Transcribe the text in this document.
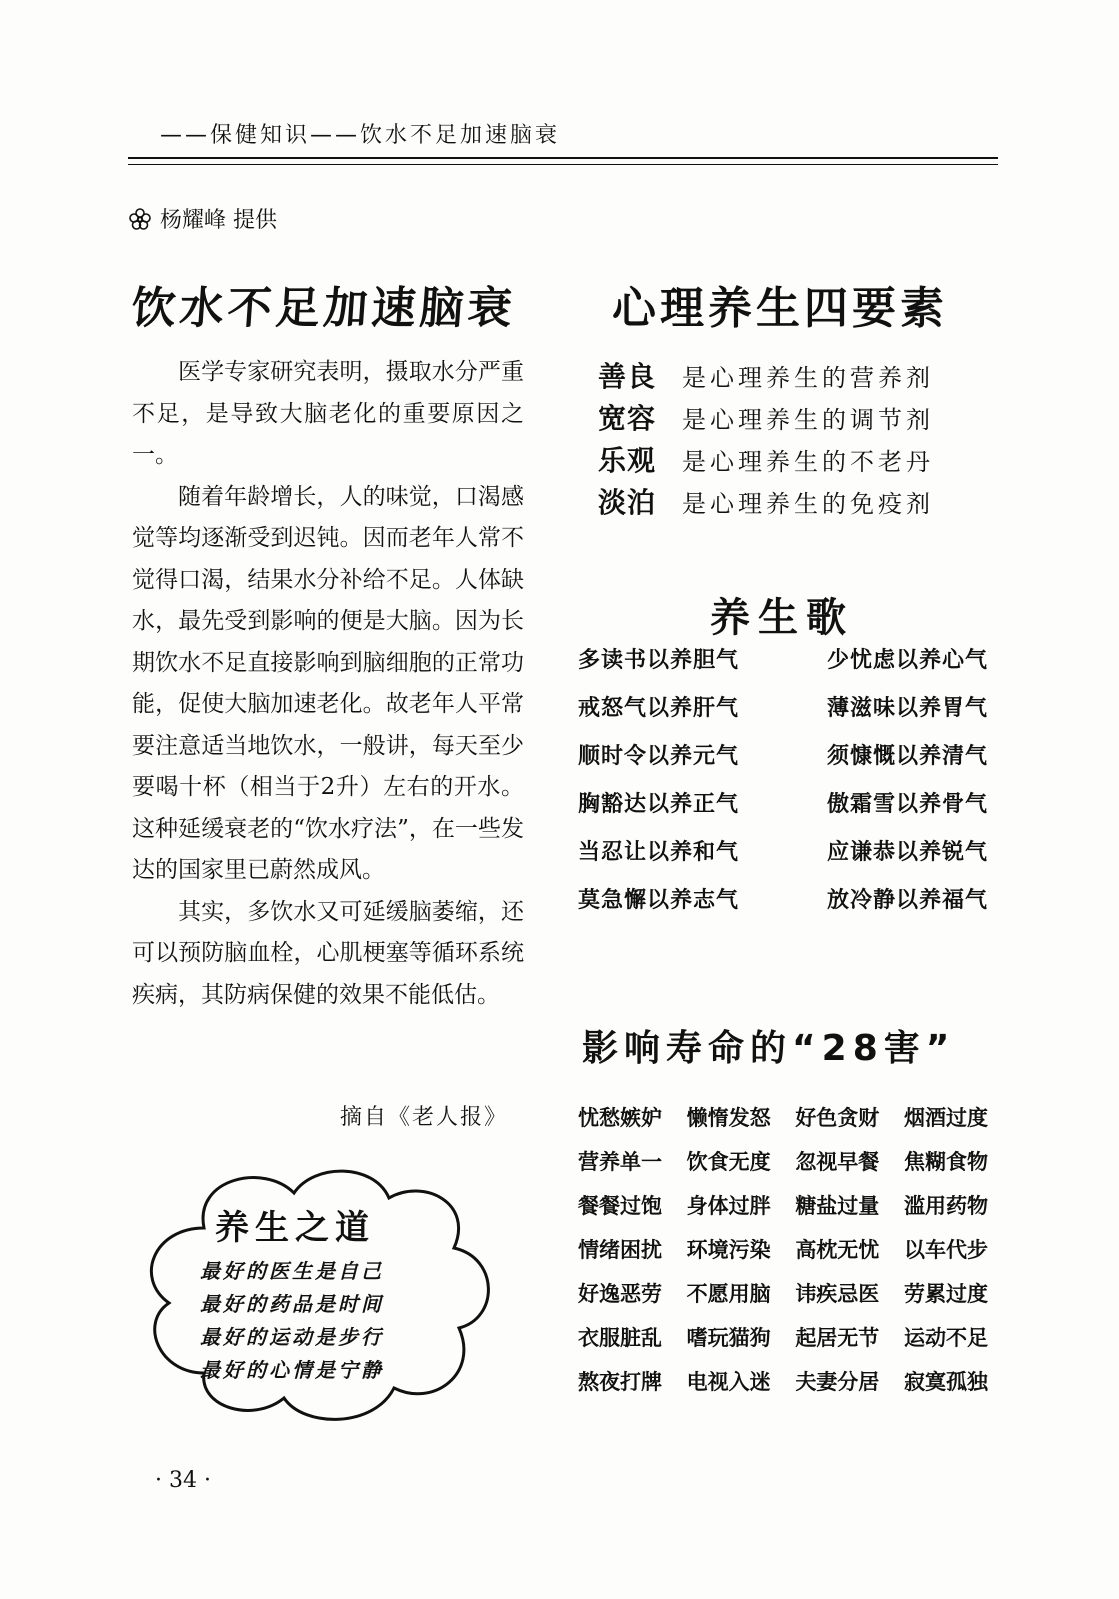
——保健知识——饮水不足加速脑衰
杨耀峰 提供
饮水不足加速脑衰 心理养生四要素

医学专家研究表明，摄取水分严重不足，是导致大脑老化的重要原因之一。

随着年龄增长，人的味觉，口渴感觉等均逐渐受到迟钝。因而老年人常不觉得口渴，结果水分补给不足。人体缺水，最先受到影响的便是大脑。因为长期饮水不足直接影响到脑细胞的正常功能，促使大脑加速老化。故老年人平常要注意适当地饮水，一般讲，每天至少要喝十杯（相当于2升）左右的开水。这种延缓衰老的“饮水疗法”，在一些发达的国家里已蔚然成风。

其实，多饮水又可延缓脑萎缩，还可以预防脑血栓，心肌梗塞等循环系统疾病，其防病保健的效果不能低估。

摘自《老人报》
善良	是心理养生的营养剂
宽容	是心理养生的调节剂
乐观	是心理养生的不老丹
淡泊	是心理养生的免疫剂
养生歌
多读书以养胆气	少忧虑以养心气
戒怒气以养肝气	薄滋味以养胃气
顺时令以养元气	须慷慨以养清气
胸豁达以养正气	傲霜雪以养骨气
当忍让以养和气	应谦恭以养锐气
莫急懈以养志气	放冷静以养福气
影响寿命的“28害”
忧愁嫉妒 懒惰发怒 好色贪财 烟酒过度
营养单一 饮食无度 忽视早餐 焦糊食物
餐餐过饱 身体过胖 糖盐过量 滥用药物
情绪困扰 环境污染 高枕无忧 以车代步
好逸恶劳 不愿用脑 讳疾忌医 劳累过度
衣服脏乱 嗜玩猫狗 起居无节 运动不足
熬夜打牌 电视入迷 夫妻分居 寂寞孤独
养生之道
最好的医生是自己
最好的药品是时间
最好的运动是步行
最好的心情是宁静
· 34 ·
